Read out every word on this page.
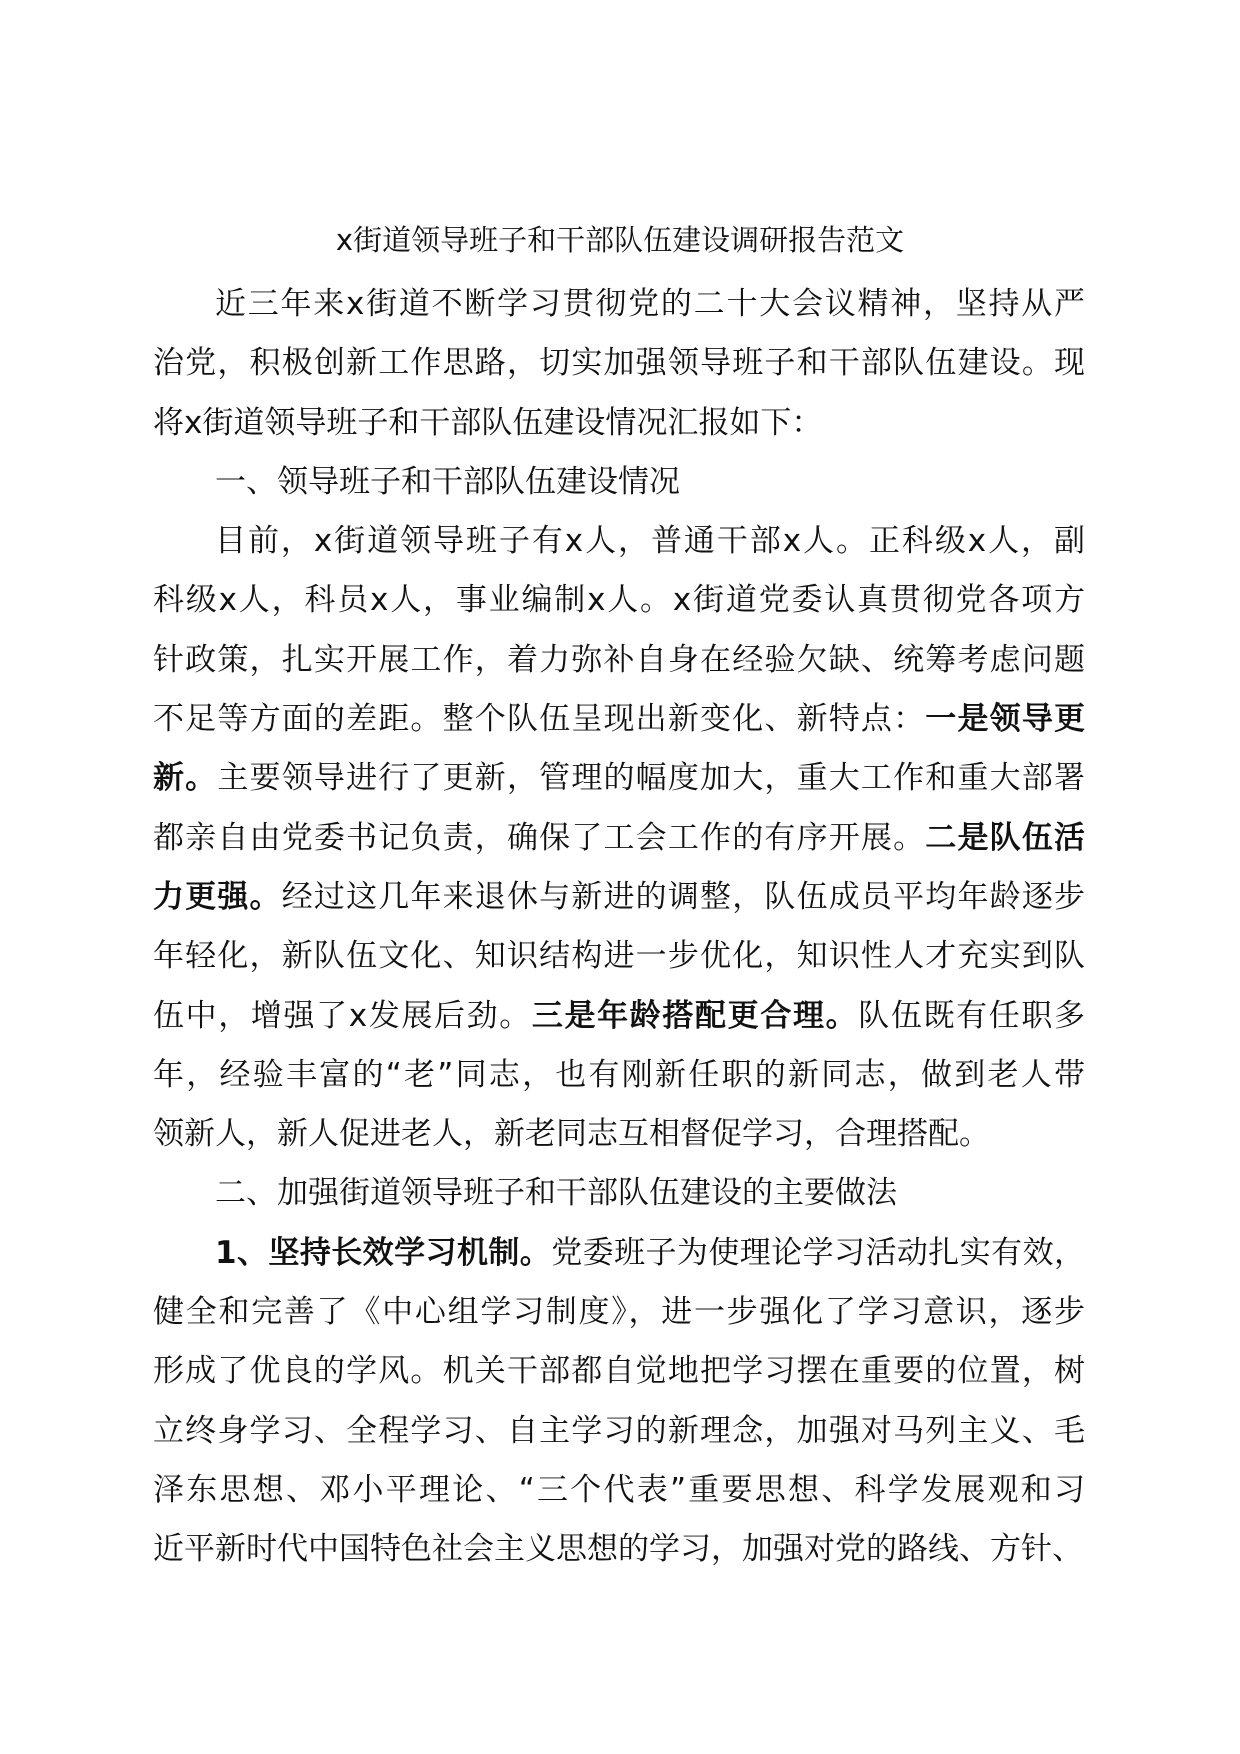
x街道领导班子和干部队伍建设调研报告范文
近三年来x街道不断学习贯彻党的二十大会议精神，坚持从严
治党，积极创新工作思路，切实加强领导班子和干部队伍建设。现
将x街道领导班子和干部队伍建设情况汇报如下：
一、领导班子和干部队伍建设情况
目前，x街道领导班子有x人，普通干部x人。正科级x人，副
科级x人，科员x人，事业编制x人。x街道党委认真贯彻党各项方
针政策，扎实开展工作，着力弥补自身在经验欠缺、统筹考虑问题
不足等方面的差距。整个队伍呈现出新变化、新特点：一是领导更
新。主要领导进行了更新，管理的幅度加大，重大工作和重大部署
都亲自由党委书记负责，确保了工会工作的有序开展。二是队伍活
力更强。经过这几年来退休与新进的调整，队伍成员平均年龄逐步
年轻化，新队伍文化、知识结构进一步优化，知识性人才充实到队
伍中，增强了x发展后劲。三是年龄搭配更合理。队伍既有任职多
年，经验丰富的“老”同志，也有刚新任职的新同志，做到老人带
领新人，新人促进老人，新老同志互相督促学习，合理搭配。
二、加强街道领导班子和干部队伍建设的主要做法
1、坚持长效学习机制。党委班子为使理论学习活动扎实有效，
健全和完善了《中心组学习制度》，进一步强化了学习意识，逐步
形成了优良的学风。机关干部都自觉地把学习摆在重要的位置，树
立终身学习、全程学习、自主学习的新理念，加强对马列主义、毛
泽东思想、邓小平理论、“三个代表”重要思想、科学发展观和习
近平新时代中国特色社会主义思想的学习，加强对党的路线、方针、
